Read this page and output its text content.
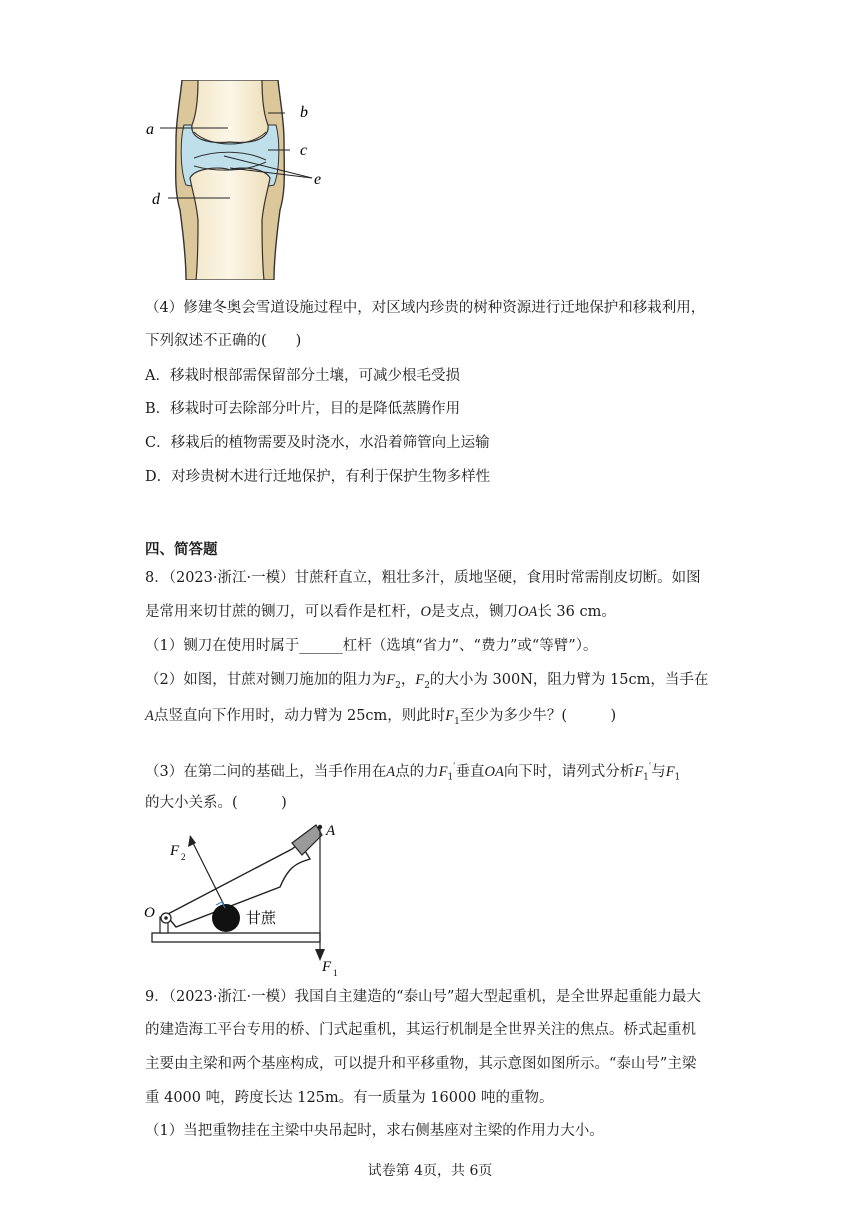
a
b
c
e
d
（4）修建冬奥会雪道设施过程中，对区域内珍贵的树种资源进行迁地保护和移栽利用，
下列叙述不正确的(　　)
A．移栽时根部需保留部分土壤，可减少根毛受损
B．移栽时可去除部分叶片，目的是降低蒸腾作用
C．移栽后的植物需要及时浇水，水沿着筛管向上运输
D．对珍贵树木进行迁地保护，有利于保护生物多样性
四、简答题
8．（2023·浙江·一模）甘蔗秆直立，粗壮多汁，质地坚硬，食用时常需削皮切断。如图
是常用来切甘蔗的铡刀，可以看作是杠杆，O是支点，铡刀OA长 36 cm。
（1）铡刀在使用时属于______杠杆（选填“省力”、“费力”或“等臂”）。
（2）如图，甘蔗对铡刀施加的阻力为$F_2$，$F_2$的大小为 300N，阻力臂为 15cm，当手在
A点竖直向下作用时，动力臂为 25cm，则此时$F_1$至少为多少牛？(　　　)
（3）在第二问的基础上，当手作用在A点的力$F_1'$垂直OA向下时，请列式分析$F_1'$与$F_1$
的大小关系。(　　　)
A
O
F 2
F 1
甘蔗
9．（2023·浙江·一模）我国自主建造的“泰山号”超大型起重机，是全世界起重能力最大
的建造海工平台专用的桥、门式起重机，其运行机制是全世界关注的焦点。桥式起重机
主要由主梁和两个基座构成，可以提升和平移重物，其示意图如图所示。“泰山号”主梁
重 4000 吨，跨度长达 125m。有一质量为 16000 吨的重物。
（1）当把重物挂在主梁中央吊起时，求右侧基座对主梁的作用力大小。
试卷第 4页，共 6页
